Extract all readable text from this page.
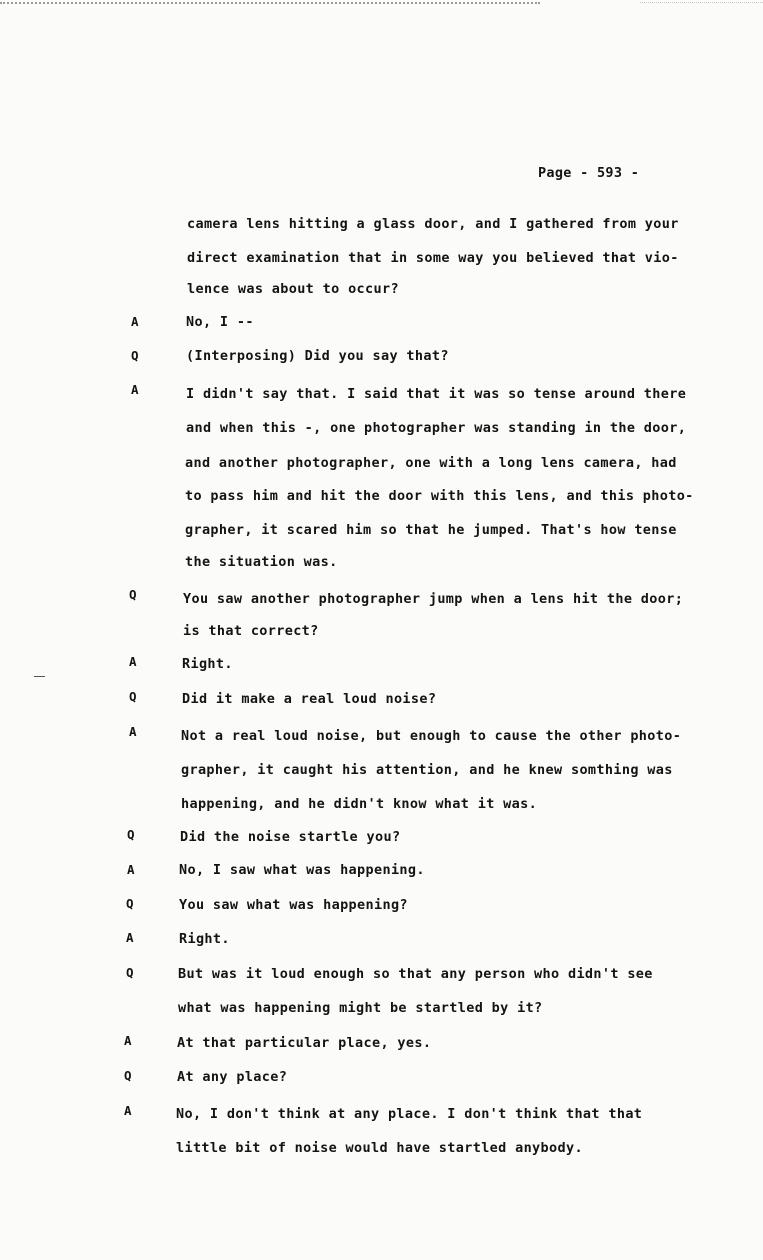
Page - 593 -
A
Q
A
Q
A
Q
A
Q
A
Q
A
Q
A
Q
A
camera lens hitting a glass door, and I gathered from your
direct examination that in some way you believed that vio-
lence was about to occur?
No, I --
(Interposing) Did you say that?
I didn't say that. I said that it was so tense around there
and when this -, one photographer was standing in the door,
and another photographer, one with a long lens camera, had
to pass him and hit the door with this lens, and this photo-
grapher, it scared him so that he jumped. That's how tense
the situation was.
You saw another photographer jump when a lens hit the door;
is that correct?
Right.
Did it make a real loud noise?
Not a real loud noise, but enough to cause the other photo-
grapher, it caught his attention, and he knew somthing was
happening, and he didn't know what it was.
Did the noise startle you?
No, I saw what was happening.
You saw what was happening?
Right.
But was it loud enough so that any person who didn't see
what was happening might be startled by it?
At that particular place, yes.
At any place?
No, I don't think at any place. I don't think that that
little bit of noise would have startled anybody.
